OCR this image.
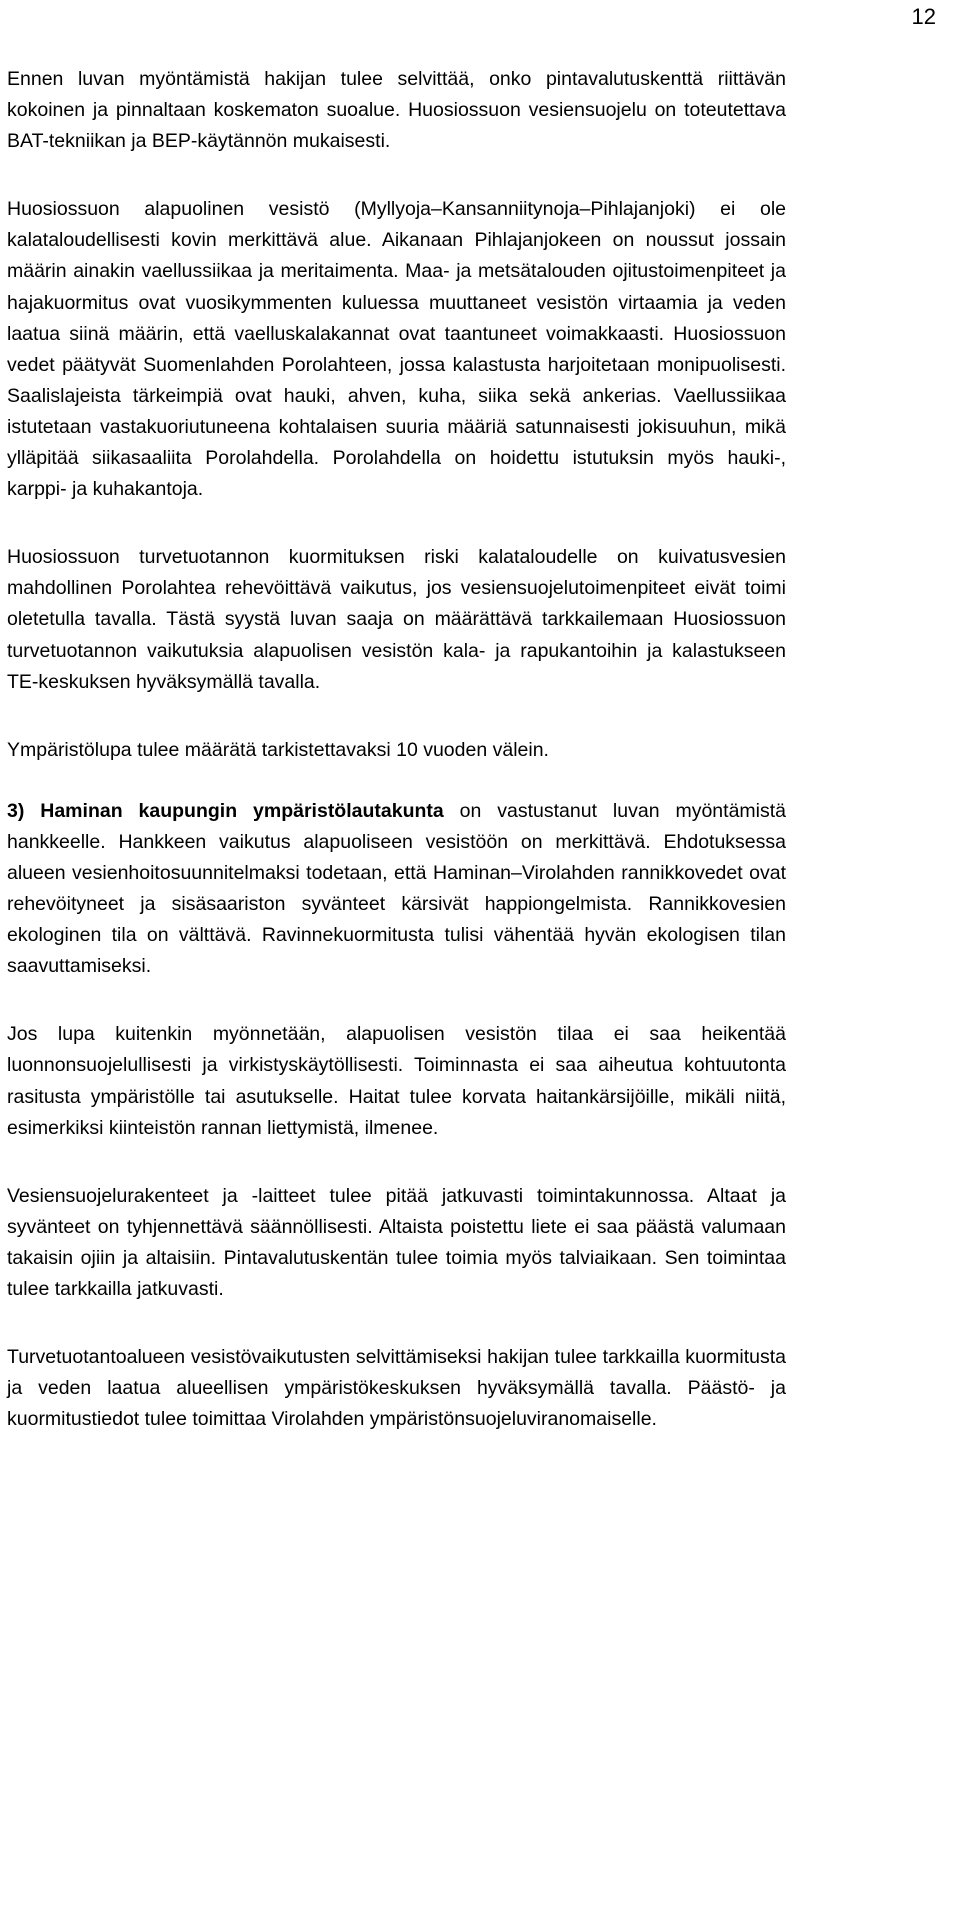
12

Ennen luvan myöntämistä hakijan tulee selvittää, onko pintavalutuskenttä riittävän kokoinen ja pinnaltaan koskematon suoalue. Huosiossuon vesiensuojelu on toteutettava BAT-tekniikan ja BEP-käytännön mukaisesti.

Huosiossuon alapuolinen vesistö (Myllyoja–Kansanniitynoja–Pihlajanjoki) ei ole kalataloudellisesti kovin merkittävä alue. Aikanaan Pihlajanjokeen on noussut jossain määrin ainakin vaellussiikaa ja meritaimenta. Maa- ja metsätalouden ojitustoimenpiteet ja hajakuormitus ovat vuosikymmenten kuluessa muuttaneet vesistön virtaamia ja veden laatua siinä määrin, että vaelluskalakannat ovat taantuneet voimakkaasti. Huosiossuon vedet päätyvät Suomenlahden Porolahteen, jossa kalastusta harjoitetaan monipuolisesti. Saalislajeista tärkeimpiä ovat hauki, ahven, kuha, siika sekä ankerias. Vaellussiikaa istutetaan vastakuoriutuneena kohtalaisen suuria määriä satunnaisesti jokisuuhun, mikä ylläpitää siikasaaliita Porolahdella. Porolahdella on hoidettu istutuksin myös hauki-, karppi- ja kuhakantoja.

Huosiossuon turvetuotannon kuormituksen riski kalataloudelle on kuivatusvesien mahdollinen Porolahtea rehevöittävä vaikutus, jos vesiensuojelutoimenpiteet eivät toimi oletetulla tavalla. Tästä syystä luvan saaja on määrättävä tarkkailemaan Huosiossuon turvetuotannon vaikutuksia alapuolisen vesistön kala- ja rapukantoihin ja kalastukseen TE-keskuksen hyväksymällä tavalla.

Ympäristölupa tulee määrätä tarkistettavaksi 10 vuoden välein.

3) Haminan kaupungin ympäristölautakunta on vastustanut luvan myöntämistä hankkeelle. Hankkeen vaikutus alapuoliseen vesistöön on merkittävä. Ehdotuksessa alueen vesienhoitosuunnitelmaksi todetaan, että Haminan–Virolahden rannikkovedet ovat rehevöityneet ja sisäsaariston syvänteet kärsivät happiongelmista. Rannikkovesien ekologinen tila on välttävä. Ravinnekuormitusta tulisi vähentää hyvän ekologisen tilan saavuttamiseksi.

Jos lupa kuitenkin myönnetään, alapuolisen vesistön tilaa ei saa heikentää luonnonsuojelullisesti ja virkistyskäytöllisesti. Toiminnasta ei saa aiheutua kohtuutonta rasitusta ympäristölle tai asutukselle. Haitat tulee korvata haitankärsijöille, mikäli niitä, esimerkiksi kiinteistön rannan liettymistä, ilmenee.

Vesiensuojelurakenteet ja -laitteet tulee pitää jatkuvasti toimintakunnossa. Altaat ja syvänteet on tyhjennettävä säännöllisesti. Altaista poistettu liete ei saa päästä valumaan takaisin ojiin ja altaisiin. Pintavalutuskentän tulee toimia myös talviaikaan. Sen toimintaa tulee tarkkailla jatkuvasti.

Turvetuotantoalueen vesistövaikutusten selvittämiseksi hakijan tulee tarkkailla kuormitusta ja veden laatua alueellisen ympäristökeskuksen hyväksymällä tavalla. Päästö- ja kuormitustiedot tulee toimittaa Virolahden ympäristönsuojeluviranomaiselle.
